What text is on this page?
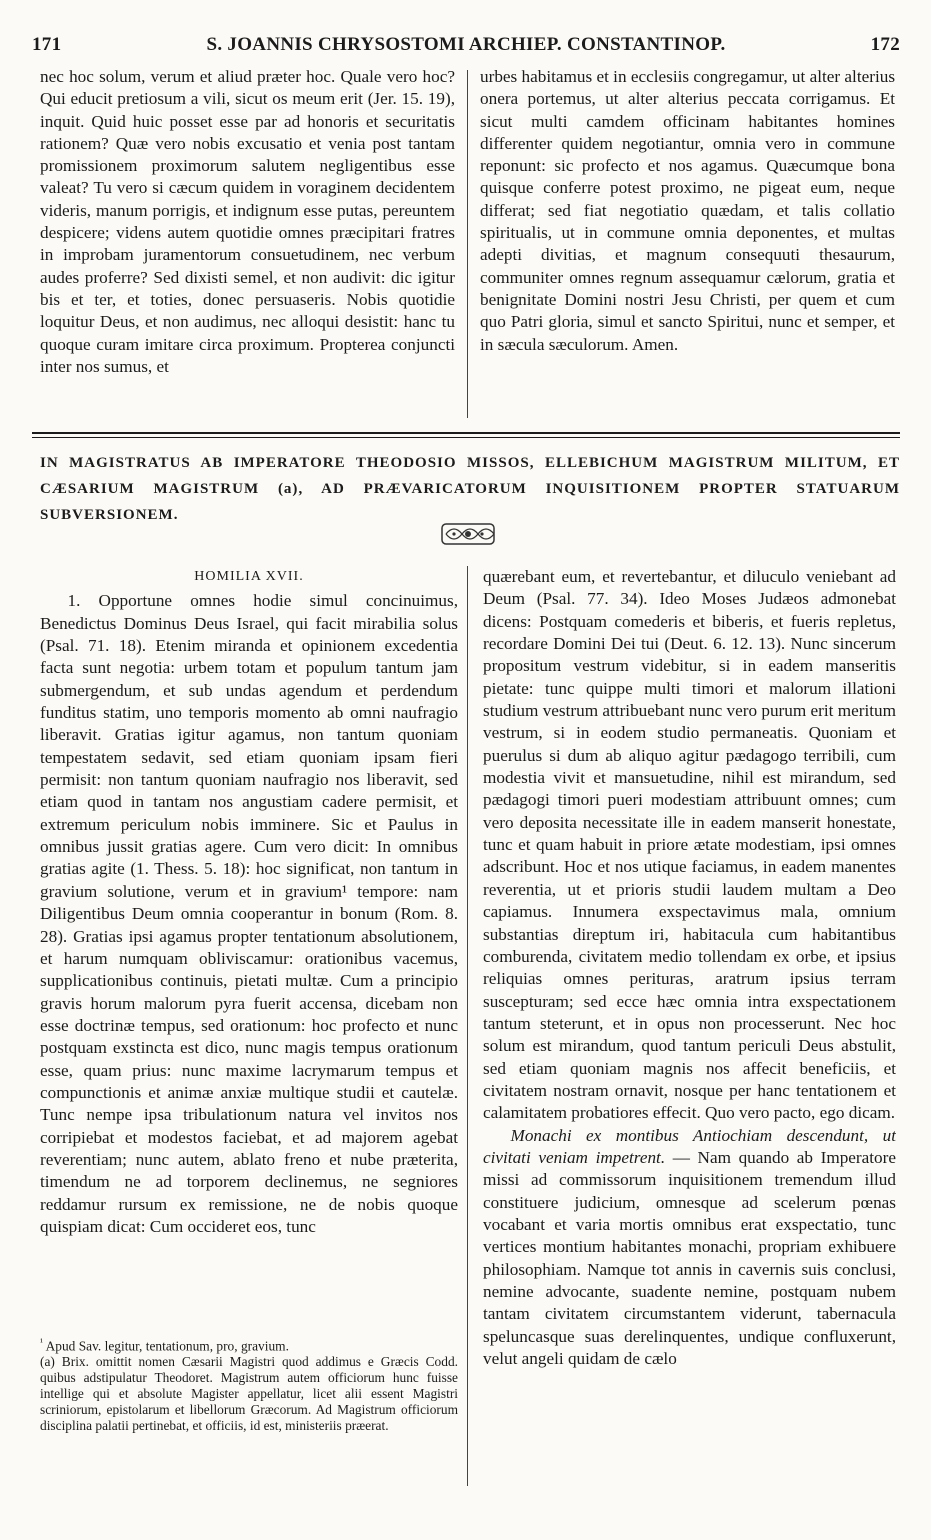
171	S. JOANNIS CHRYSOSTOMI ARCHIEP. CONSTANTINOP.	172

nec hoc solum, verum et aliud præter hoc. Quale vero hoc? Qui educit pretiosum a vili, sicut os meum erit (Jer. 15. 19), inquit. Quid huic posset esse par ad honoris et securitatis rationem? Quæ vero nobis excusatio et venia post tantam promissionem proximorum salutem negligentibus esse valeat? Tu vero si cæcum quidem in voraginem decidentem videris, manum porrigis, et indignum esse putas, pereuntem despicere; videns autem quotidie omnes præcipitari fratres in improbam juramentorum consuetudinem, nec verbum audes proferre? Sed dixisti semel, et non audivit: dic igitur bis et ter, et toties, donec persuaseris. Nobis quotidie loquitur Deus, et non audimus, nec alloqui desistit: hanc tu quoque curam imitare circa proximum. Propterea conjuncti inter nos sumus, et

urbes habitamus et in ecclesiis congregamur, ut alter alterius onera portemus, ut alter alterius peccata corrigamus. Et sicut multi camdem officinam habitantes homines differenter quidem negotiantur, omnia vero in commune reponunt: sic profecto et nos agamus. Quæcumque bona quisque conferre potest proximo, ne pigeat eum, neque differat; sed fiat negotiatio quædam, et talis collatio spiritualis, ut in commune omnia deponentes, et multas adepti divitias, et magnum consequuti thesaurum, communiter omnes regnum assequamur cælorum, gratia et benignitate Domini nostri Jesu Christi, per quem et cum quo Patri gloria, simul et sancto Spiritui, nunc et semper, et in sæcula sæculorum. Amen.

IN MAGISTRATUS AB IMPERATORE THEODOSIO MISSOS, ELLEBICHUM MAGISTRUM MILITUM, ET CÆSARIUM MAGISTRUM (a), AD PRÆVARICATORUM INQUISITIONEM PROPTER STATUARUM SUBVERSIONEM.

HOMILIA XVII.

1. Opportune omnes hodie simul concinuimus, Benedictus Dominus Deus Israel, qui facit mirabilia solus (Psal. 71. 18). Etenim miranda et opinionem excedentia facta sunt negotia: urbem totam et populum tantum jam submergendum, et sub undas agendum et perdendum funditus statim, uno temporis momento ab omni naufragio liberavit. Gratias igitur agamus, non tantum quoniam tempestatem sedavit, sed etiam quoniam ipsam fieri permisit: non tantum quoniam naufragio nos liberavit, sed etiam quod in tantam nos angustiam cadere permisit, et extremum periculum nobis imminere. Sic et Paulus in omnibus jussit gratias agere. Cum vero dicit: In omnibus gratias agite (1. Thess. 5. 18): hoc significat, non tantum in gravium solutione, verum et in gravium¹ tempore: nam Diligentibus Deum omnia cooperantur in bonum (Rom. 8. 28). Gratias ipsi agamus propter tentationum absolutionem, et harum numquam obliviscamur: orationibus vacemus, supplicationibus continuis, pietati multæ. Cum a principio gravis horum malorum pyra fuerit accensa, dicebam non esse doctrinæ tempus, sed orationum: hoc profecto et nunc postquam exstincta est dico, nunc magis tempus orationum esse, quam prius: nunc maxime lacrymarum tempus et compunctionis et animæ anxiæ multique studii et cautelæ. Tunc nempe ipsa tribulationum natura vel invitos nos corripiebat et modestos faciebat, et ad majorem agebat reverentiam; nunc autem, ablato freno et nube præterita, timendum ne ad torporem declinemus, ne segniores reddamur rursum ex remissione, ne de nobis quoque quispiam dicat: Cum occideret eos, tunc

quærebant eum, et revertebantur, et diluculo veniebant ad Deum (Psal. 77. 34). Ideo Moses Judæos admonebat dicens: Postquam comederis et biberis, et fueris repletus, recordare Domini Dei tui (Deut. 6. 12. 13). Nunc sincerum propositum vestrum videbitur, si in eadem manseritis pietate: tunc quippe multi timori et malorum illationi studium vestrum attribuebant nunc vero purum erit meritum vestrum, si in eodem studio permaneatis. Quoniam et puerulus si dum ab aliquo agitur pædagogo terribili, cum modestia vivit et mansuetudine, nihil est mirandum, sed pædagogi timori pueri modestiam attribuunt omnes; cum vero deposita necessitate ille in eadem manserit honestate, tunc et quam habuit in priore ætate modestiam, ipsi omnes adscribunt. Hoc et nos utique faciamus, in eadem manentes reverentia, ut et prioris studii laudem multam a Deo capiamus. Innumera exspectavimus mala, omnium substantias direptum iri, habitacula cum habitantibus comburenda, civitatem medio tollendam ex orbe, et ipsius reliquias omnes perituras, aratrum ipsius terram suscepturam; sed ecce hæc omnia intra exspectationem tantum steterunt, et in opus non processerunt. Nec hoc solum est mirandum, quod tantum periculi Deus abstulit, sed etiam quoniam magnis nos affecit beneficiis, et civitatem nostram ornavit, nosque per hanc tentationem et calamitatem probatiores effecit. Quo vero pacto, ego dicam.

Monachi ex montibus Antiochiam descendunt, ut civitati veniam impetrent. — Nam quando ab Imperatore missi ad commissorum inquisitionem tremendum illud constituere judicium, omnesque ad scelerum pœnas vocabant et varia mortis omnibus erat exspectatio, tunc vertices montium habitantes monachi, propriam exhibuere philosophiam. Namque tot annis in cavernis suis conclusi, nemine advocante, suadente nemine, postquam nubem tantam civitatem circumstantem viderunt, tabernacula speluncasque suas derelinquentes, undique confluxerunt, velut angeli quidam de cælo

$^{^1}$ Apud Sav. legitur, tentationum, pro, gravium.

(a) Brix. omittit nomen Cæsarii Magistri quod addimus e Græcis Codd. quibus adstipulatur Theodoret. Magistrum autem officiorum hunc fuisse intellige qui et absolute Magister appellatur, licet alii essent Magistri scriniorum, epistolarum et libellorum Græcorum. Ad Magistrum officiorum disciplina palatii pertinebat, et officiis, id est, ministeriis præerat.
